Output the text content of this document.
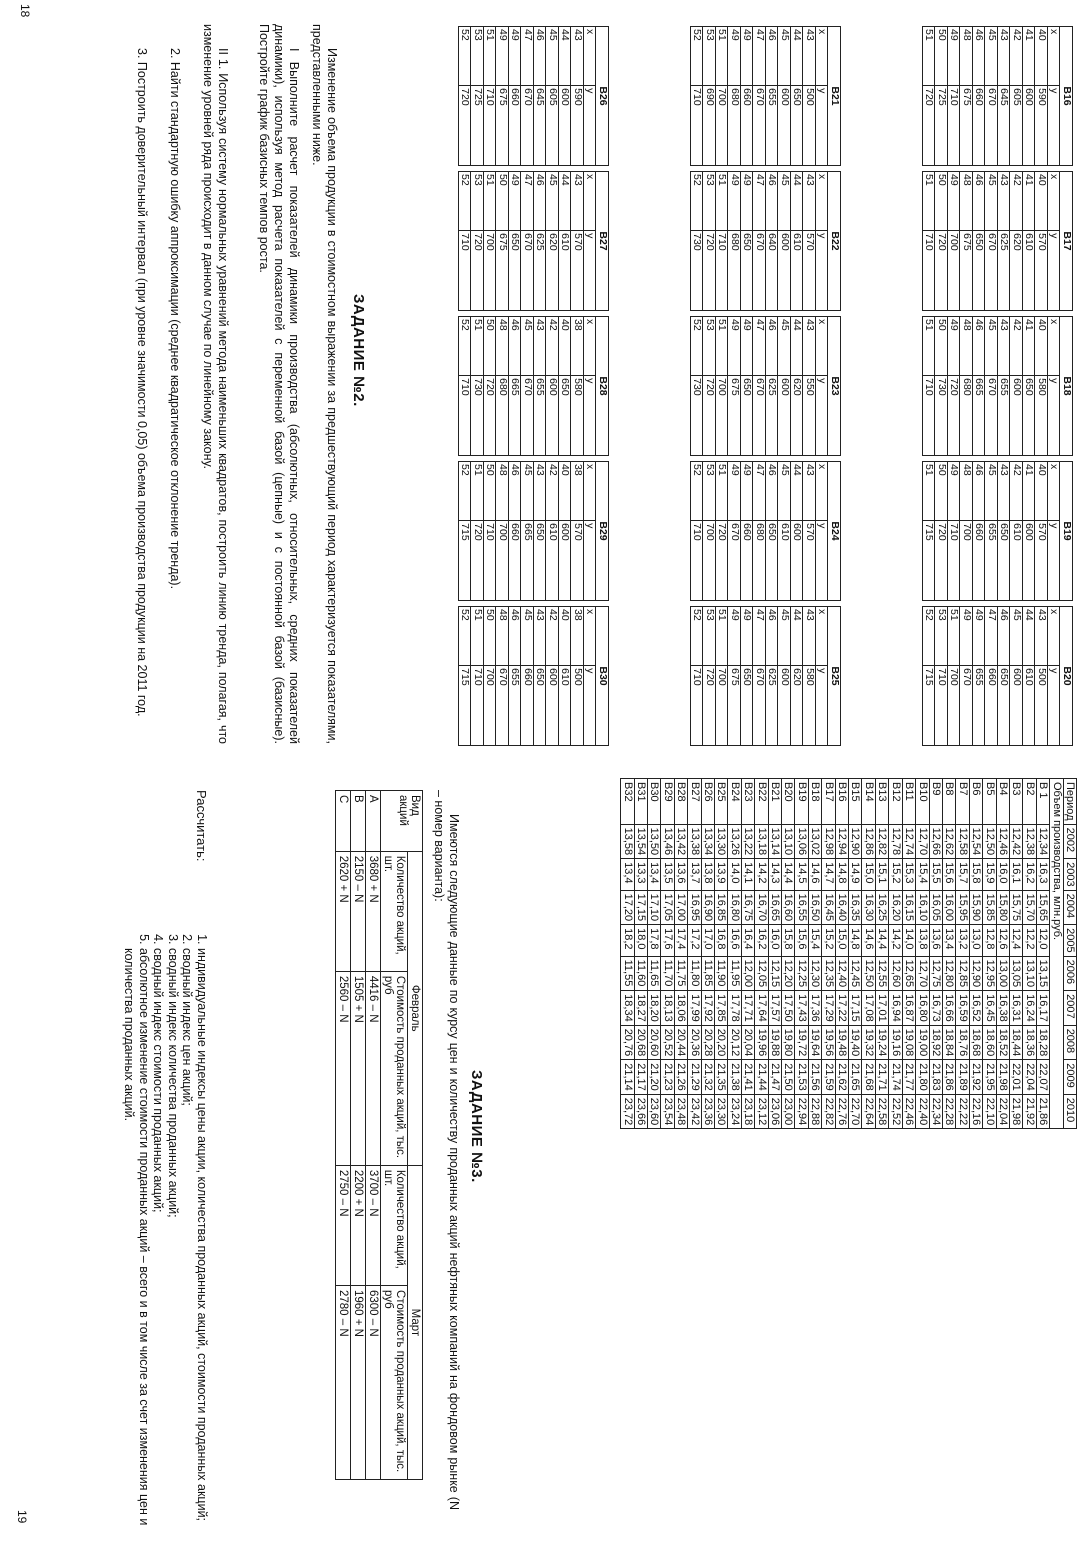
В16	
x	y
40	590
41	600
42	605
43	645
45	670
46	660
48	675
49	710
50	725
51	720
В17	
x	y
40	570
41	610
42	620
43	625
45	670
46	650
48	675
49	700
50	720
51	710
В18	
x	y
40	580
41	650
42	600
43	655
45	670
46	665
48	680
49	720
50	730
51	710
В19	
x	y
40	570
41	600
42	610
43	650
45	655
46	660
48	700
49	710
50	720
51	715
В20	
x	y
43	500
44	610
45	600
46	650
47	660
49	655
49	670
51	700
53	710
52	715
В21	
x	y
43	500
44	650
45	600
46	655
47	670
49	660
49	680
51	700
53	690
52	710
В22	
x	y
43	570
44	610
45	600
46	640
47	670
49	650
49	680
51	710
53	720
52	730
В23	
x	y
43	550
44	620
45	600
46	625
47	670
49	650
49	675
51	700
53	720
52	730
В24	
x	y
43	570
44	600
45	610
46	650
47	680
49	660
49	670
51	720
53	700
52	710
В25	
x	y
43	580
44	620
45	600
46	625
47	670
49	650
49	675
51	700
53	720
52	710
В26	
x	y
43	590
44	600
45	605
46	645
47	670
49	660
49	675
51	710
53	725
52	720
В27	
x	y
43	570
44	610
45	620
46	625
47	670
49	650
50	675
51	700
53	720
52	710
В28	
x	y
38	580
40	650
42	600
43	655
45	670
46	665
48	680
50	720
51	730
52	710
В29	
x	y
38	570
40	600
42	610
43	650
45	665
46	660
48	700
50	710
51	720
52	715
В30	
x	y
38	500
40	610
42	600
43	650
45	660
46	655
48	670
50	700
51	710
52	715
ЗАДАНИЕ №2.

Изменение объема продукции в стоимостном выражении за предшествующий период характеризуется показателями, представленными ниже.

I Выполните расчет показателей динамики производства (абсолютных, относительных, средних показателей динамики), используя метод расчета показателей с переменной базой (цепные) и с постоянной базой (базисные). Постройте график базисных темпов роста.

II 1. Используя систему нормальных уравнений метода наименьших квадратов, построить линию тренда, полагая, что изменение уровней ряда происходит в данном случае по линейному закону.

2. Найти стандартную ошибку аппроксимации (среднее квадратическое отклонение тренда).

3. Построить доверительный интервал (при уровне значимости 0,05) объема производства продукции на 2011 год.

18
Период	2002	2003	2004	2005	2006	2007	2008	2009	2010
Объем производства, млн.руб.									
В 1	12,34	16,3	15,65	12,0	13,15	16,17	18,28	22,07	21,86
В2	12,38	16,2	15,70	12,2	13,10	16,24	18,36	22,04	21,92
В3	12,42	16,1	15,75	12,4	13,05	16,31	18,44	22,01	21,98
В4	12,46	16,0	15,80	12,6	13,00	16,38	18,52	21,98	22,04
В5	12,50	15,9	15,85	12,8	12,95	16,45	18,60	21,95	22,10
В6	12,54	15,8	15,90	13,0	12,90	16,52	18,68	21,92	22,16
В7	12,58	15,7	15,95	13,2	12,85	16,59	18,76	21,89	22,22
В8	12,62	15,6	16,00	13,4	12,80	16,66	18,84	21,86	22,28
В9	12,66	15,5	16,05	13,6	12,75	16,73	18,92	21,83	22,34
В10	12,70	15,4	16,10	13,8	12,70	16,80	19,00	21,80	22,40
В11	12,74	15,3	16,15	14,0	12,65	16,87	19,08	21,77	22,46
В12	12,78	15,2	16,20	14,2	12,60	16,94	19,16	21,74	22,52
В13	12,82	15,1	16,25	14,4	12,55	17,01	19,24	21,71	22,58
В14	12,86	15,0	16,30	14,6	12,50	17,08	19,32	21,68	22,64
В15	12,90	14,9	16,35	14,8	12,45	17,15	19,40	21,65	22,70
В16	12,94	14,8	16,40	15,0	12,40	17,22	19,48	21,62	22,76
В17	12,98	14,7	16,45	15,2	12,35	17,29	19,56	21,59	22,82
В18	13,02	14,6	16,50	15,4	12,30	17,36	19,64	21,56	22,88
В19	13,06	14,5	16,55	15,6	12,25	17,43	19,72	21,53	22,94
В20	13,10	14,4	16,60	15,8	12,20	17,50	19,80	21,50	23,00
В21	13,14	14,3	16,65	16,0	12,15	17,57	19,88	21,47	23,06
В22	13,18	14,2	16,70	16,2	12,05	17,64	19,96	21,44	23,12
В23	13,22	14,1	16,75	16,4	12,00	17,71	20,04	21,41	23,18
В24	13,26	14,0	16,80	16,6	11,95	17,78	20,12	21,38	23,24
В25	13,30	13,9	16,85	16,8	11,90	17,85	20,20	21,35	23,30
В26	13,34	13,8	16,90	17,0	11,85	17,92	20,28	21,32	23,36
В27	13,38	13,7	16,95	17,2	11,80	17,99	20,36	21,29	23,42
В28	13,42	13,6	17,00	17,4	11,75	18,06	20,44	21,26	23,48
В29	13,46	13,5	17,05	17,6	11,70	18,13	20,52	21,23	23,54
В30	13,50	13,4	17,10	17,8	11,65	18,20	20,60	21,20	23,60
В31	13,54	13,3	17,15	18,0	11,60	18,27	20,68	21,17	23,66
В32	13,58	13,4	17,20	18,2	11,55	18,34	20,76	21,14	23,72
ЗАДАНИЕ №3.

Имеются следующие данные по курсу цен и количеству проданных акций нефтяных компаний на фондовом рынке (N – номер варианта):

Вид акций	Февраль		Март	
	Количество акций, шт.	Стоимость проданных акций, тыс. руб	Количество акций, шт.	Стоимость проданных акций, тыс. руб
А	3680 + N	4416 – N	3700 – N	6300 – N
В	2150 – N	1505 + N	2200 + N	1960 + N
С	2620 + N	2560 – N	2750 – N	2780 – N
Рассчитать:
1. индивидуальные индексы цены акции, количества проданных акций, стоимости проданных акций;
2. сводный индекс цен акций;
3. сводный индекс количества проданных акций;
4. сводный индекс стоимости проданных акций;
5. абсолютное изменение стоимости проданных акций – всего и в том числе за счет изменения цен и количества проданных акций.
19
